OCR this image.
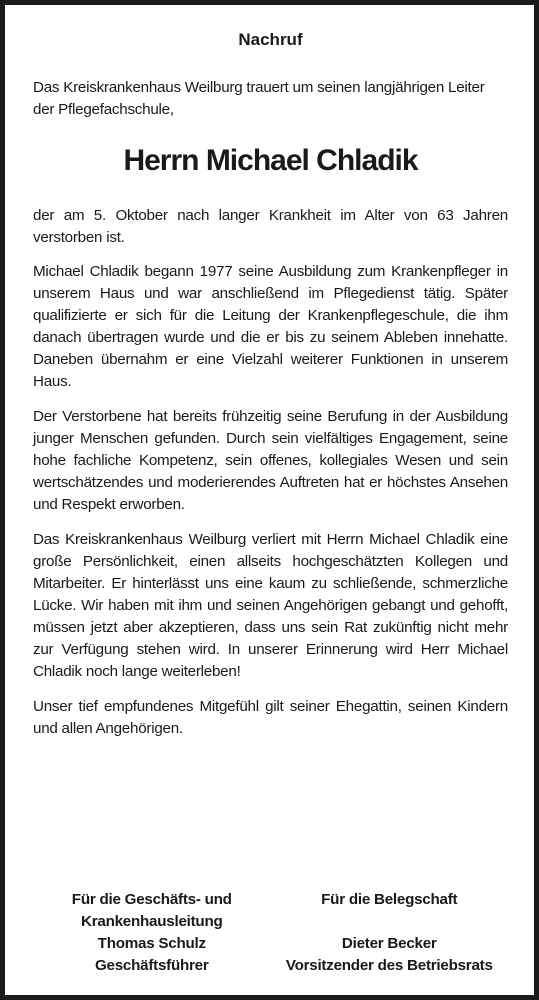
Nachruf

Das Kreiskrankenhaus Weilburg trauert um seinen langjährigen Leiter der Pflegefachschule,

Herrn Michael Chladik

der am 5. Oktober nach langer Krankheit im Alter von 63 Jahren verstorben ist.

Michael Chladik begann 1977 seine Ausbildung zum Krankenpfleger in unserem Haus und war anschließend im Pflegedienst tätig. Später qualifizierte er sich für die Leitung der Krankenpflegeschule, die ihm danach übertragen wurde und die er bis zu seinem Ableben innehatte. Daneben übernahm er eine Vielzahl weiterer Funktionen in unserem Haus.

Der Verstorbene hat bereits frühzeitig seine Berufung in der Ausbildung junger Menschen gefunden. Durch sein vielfältiges Engagement, seine hohe fachliche Kompetenz, sein offenes, kollegiales Wesen und sein wertschätzendes und moderierendes Auftreten hat er höchstes Ansehen und Respekt erworben.

Das Kreiskrankenhaus Weilburg verliert mit Herrn Michael Chladik eine große Persönlichkeit, einen allseits hochgeschätzten Kollegen und Mitarbeiter. Er hinterlässt uns eine kaum zu schließende, schmerzliche Lücke. Wir haben mit ihm und seinen Angehörigen gebangt und gehofft, müssen jetzt aber akzeptieren, dass uns sein Rat zukünftig nicht mehr zur Verfügung stehen wird. In unserer Erinnerung wird Herr Michael Chladik noch lange weiterleben!

Unser tief empfundenes Mitgefühl gilt seiner Ehegattin, seinen Kindern und allen Angehörigen.

Für die Geschäfts- und
Krankenhausleitung
Thomas Schulz
Geschäftsführer
Für die Belegschaft
Dieter Becker
Vorsitzender des Betriebsrats
